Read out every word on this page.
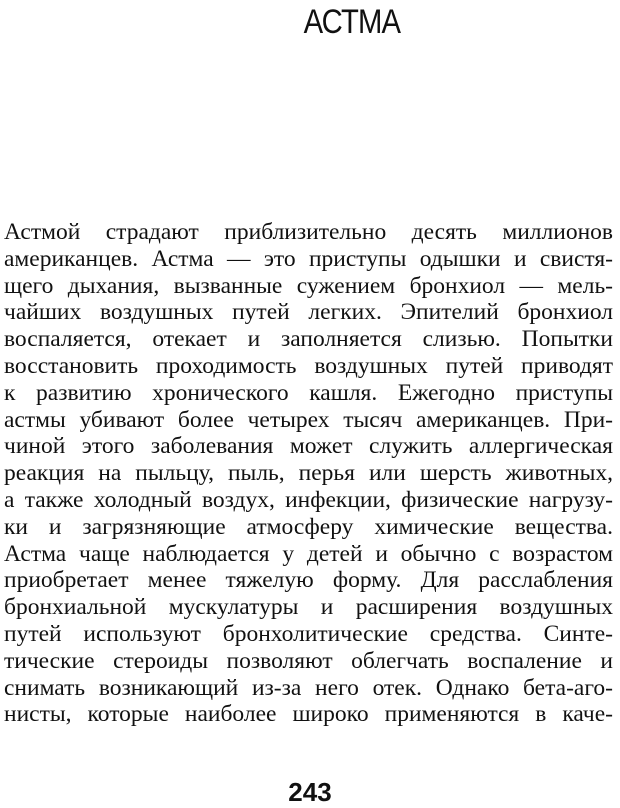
АСТМА
Астмой страдают приблизительно десять миллионов
американцев. Астма — это приступы одышки и свистя-
щего дыхания, вызванные сужением бронхиол — мель-
чайших воздушных путей легких. Эпителий бронхиол
воспаляется, отекает и заполняется слизью. Попытки
восстановить проходимость воздушных путей приводят
к развитию хронического кашля. Ежегодно приступы
астмы убивают более четырех тысяч американцев. При-
чиной этого заболевания может служить аллергическая
реакция на пыльцу, пыль, перья или шерсть животных,
а также холодный воздух, инфекции, физические нагрузу-
ки и загрязняющие атмосферу химические вещества.
Астма чаще наблюдается у детей и обычно с возрастом
приобретает менее тяжелую форму. Для расслабления
бронхиальной мускулатуры и расширения воздушных
путей используют бронхолитические средства. Синте-
тические стероиды позволяют облегчать воспаление и
снимать возникающий из-за него отек. Однако бета-аго-
нисты, которые наиболее широко применяются в каче-
243
